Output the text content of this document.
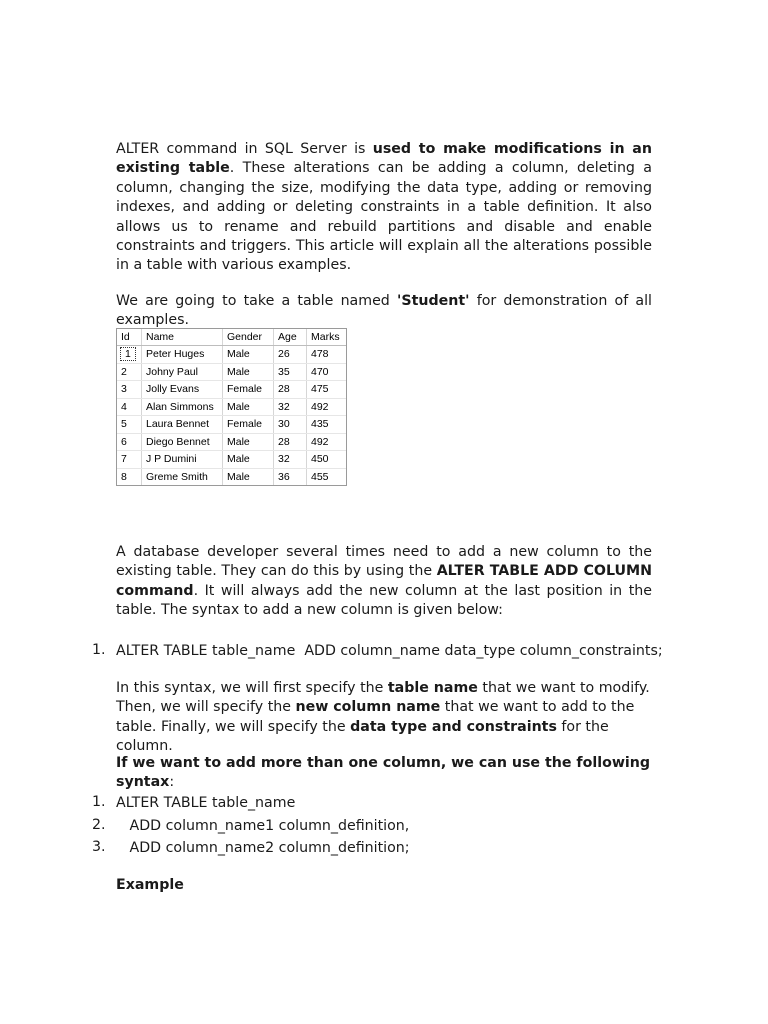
ALTER command in SQL Server is used to make modifications in an existing table. These alterations can be adding a column, deleting a column, changing the size, modifying the data type, adding or removing indexes, and adding or deleting constraints in a table definition. It also allows us to rename and rebuild partitions and disable and enable constraints and triggers. This article will explain all the alterations possible in a table with various examples.

We are going to take a table named 'Student' for demonstration of all examples.

Id	Name	Gender	Age	Marks
1	Peter Huges	Male	26	478
2	Johny Paul	Male	35	470
3	Jolly Evans	Female	28	475
4	Alan Simmons	Male	32	492
5	Laura Bennet	Female	30	435
6	Diego Bennet	Male	28	492
7	J P Dumini	Male	32	450
8	Greme Smith	Male	36	455

A database developer several times need to add a new column to the existing table. They can do this by using the ALTER TABLE ADD COLUMN command. It will always add the new column at the last position in the table. The syntax to add a new column is given below:

1. ALTER TABLE table_name  ADD column_name data_type column_constraints;

In this syntax, we will first specify the table name that we want to modify. Then, we will specify the new column name that we want to add to the table. Finally, we will specify the data type and constraints for the column.

If we want to add more than one column, we can use the following syntax:
1. ALTER TABLE table_name
2. ADD column_name1 column_definition,
3. ADD column_name2 column_definition;
Example
